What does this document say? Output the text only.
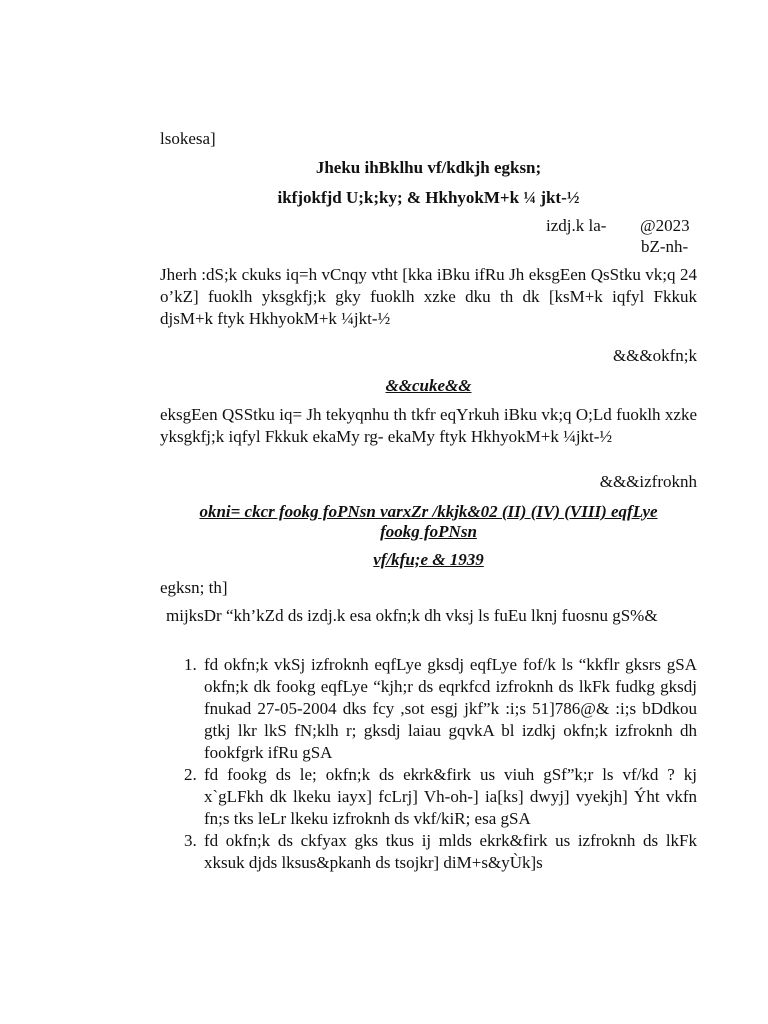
lsokesa]
Jheku ihBklhu vf/kdkjh egksn;
ikfjokfjd U;k;ky; & HkhyokM+k ¼ jkt-½
izdj.k la- @2023
bZ-nh-
Jherh :dS;k ckuks iq=h vCnqy vtht [kka iBku ifRu Jh eksgEen QsStku vk;q 24 o’kZ] fuoklh yksgkfj;k gky fuoklh xzke dku th dk [ksM+k iqfyl Fkkuk djsM+k ftyk HkhyokM+k ¼jkt-½
&&&okfn;k
&&cuke&&
eksgEen QSStku iq= Jh tekyqnhu th tkfr eqYrkuh iBku vk;q O;Ld fuoklh xzke yksgkfj;k iqfyl Fkkuk ekaMy rg- ekaMy ftyk HkhyokM+k ¼jkt-½
&&&izfroknh
okni= ckcr fookg foPNsn varxZr /kkjk&02 (II) (IV) (VIII) eqfLye
fookg foPNsn
vf/kfu;e & 1939
egksn; th]
mijksDr “kh’kZd ds izdj.k esa okfn;k dh vksj ls fuEu lknj fuosnu gS%&
1. fd okfn;k vkSj izfroknh eqfLye gksdj eqfLye fof/k ls “kkflr gksrs gSA okfn;k dk fookg eqfLye “kjh;r ds eqrkfcd izfroknh ds lkFk fudkg gksdj fnukad 27-05-2004 dks fcy ,sot esgj jkf”k :i;s 51]786@& :i;s bDdkou gtkj lkr lkS fN;klh r; gksdj laiau gqvkA bl izdkj okfn;k izfroknh dh fookfgrk ifRu gSA
2. fd fookg ds le; okfn;k ds ekrk&firk us viuh gSf”k;r ls vf/kd ? kj x`gLFkh dk lkeku iayx] fcLrj] Vh-oh-] ia[ks] dwyj] vyekjh] Ýht vkfn fn;s tks leLr lkeku izfroknh ds vkf/kiR; esa gSA
3. fd okfn;k ds ckfyax gks tkus ij mlds ekrk&firk us izfroknh ds lkFk xksuk djds lksus&pkanh ds tsojkr] diM+s&yÙk]s
